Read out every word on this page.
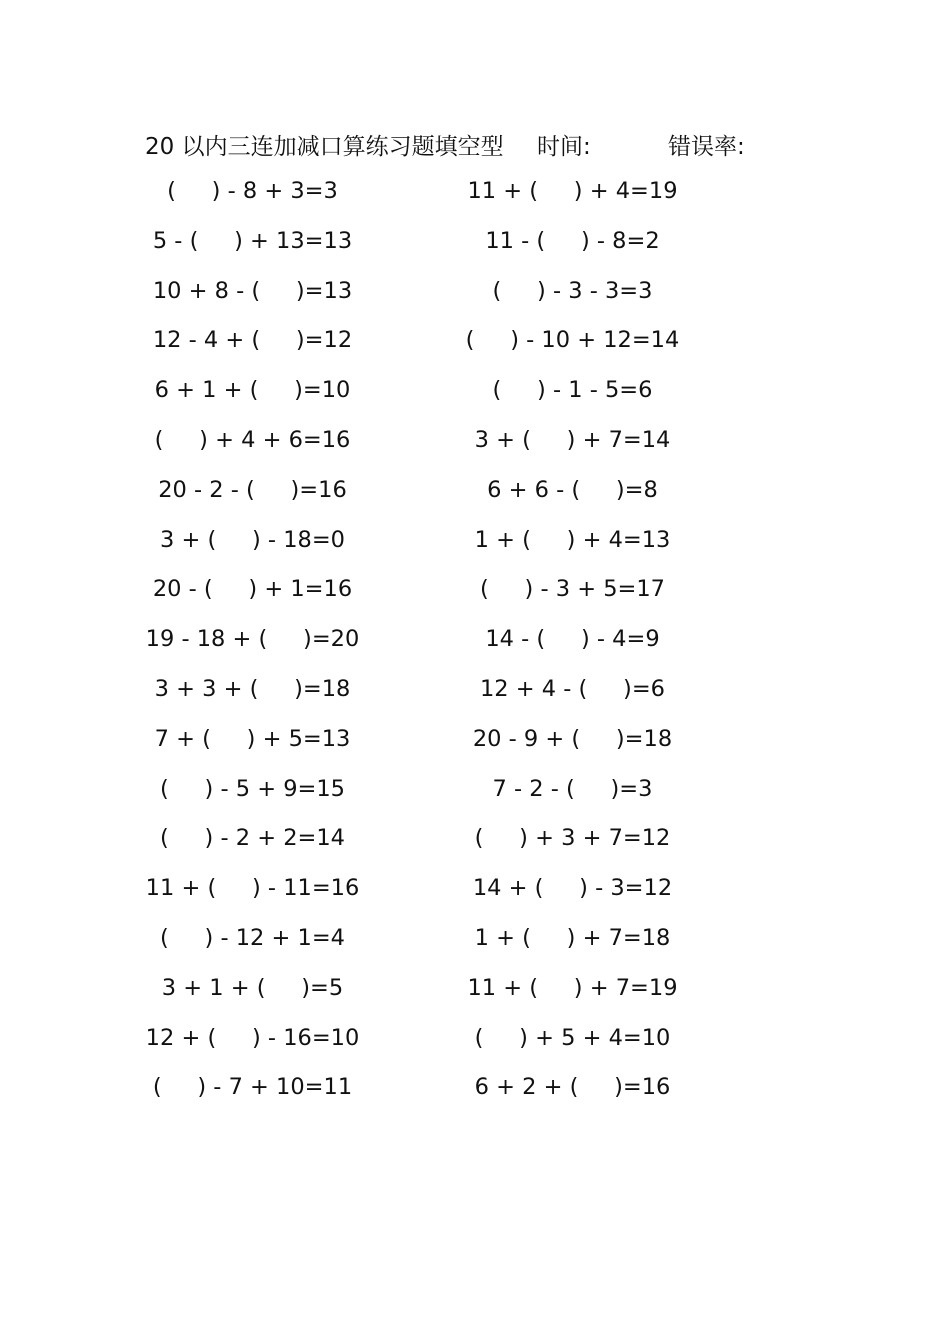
20 以内三连加减口算练习题填空型 时间:	错误率:
(     ) - 8 + 3=3	11 + (     ) + 4=19
5 - (     ) + 13=13	11 - (     ) - 8=2
10 + 8 - (     )=13	(     ) - 3 - 3=3
12 - 4 + (     )=12	(     ) - 10 + 12=14
6 + 1 + (     )=10	(     ) - 1 - 5=6
(     ) + 4 + 6=16	3 + (     ) + 7=14
20 - 2 - (     )=16	6 + 6 - (     )=8
3 + (     ) - 18=0	1 + (     ) + 4=13
20 - (     ) + 1=16	(     ) - 3 + 5=17
19 - 18 + (     )=20	14 - (     ) - 4=9
3 + 3 + (     )=18	12 + 4 - (     )=6
7 + (     ) + 5=13	20 - 9 + (     )=18
(     ) - 5 + 9=15	7 - 2 - (     )=3
(     ) - 2 + 2=14	(     ) + 3 + 7=12
11 + (     ) - 11=16	14 + (     ) - 3=12
(     ) - 12 + 1=4	1 + (     ) + 7=18
3 + 1 + (     )=5	11 + (     ) + 7=19
12 + (     ) - 16=10	(     ) + 5 + 4=10
(     ) - 7 + 10=11	6 + 2 + (     )=16
